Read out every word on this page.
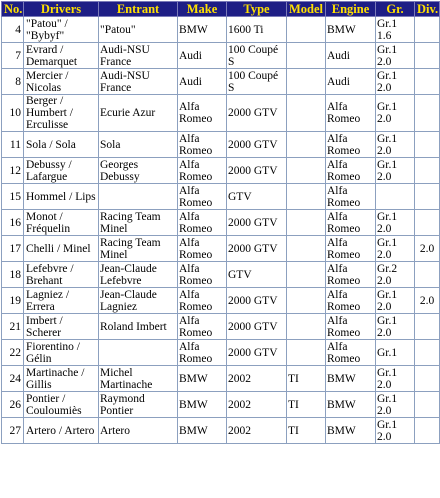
No.	Drivers	Entrant	Make	Type	Model	Engine	Gr.	Div.
4	"Patou" / "Bybyf"	"Patou"	BMW	1600 Ti		BMW	Gr.1 1.6	
7	Evrard / Demarquet	Audi-NSU France	Audi	100 Coupé S		Audi	Gr.1 2.0	
8	Mercier / Nicolas	Audi-NSU France	Audi	100 Coupé S		Audi	Gr.1 2.0	
10	Berger / Humbert / Erculisse	Ecurie Azur	Alfa Romeo	2000 GTV		Alfa Romeo	Gr.1 2.0	
11	Sola / Sola	Sola	Alfa Romeo	2000 GTV		Alfa Romeo	Gr.1 2.0	
12	Debussy / Lafargue	Georges Debussy	Alfa Romeo	2000 GTV		Alfa Romeo	Gr.1 2.0	
15	Hommel / Lips		Alfa Romeo	GTV		Alfa Romeo		
16	Monot / Fréquelin	Racing Team Minel	Alfa Romeo	2000 GTV		Alfa Romeo	Gr.1 2.0	
17	Chelli / Minel	Racing Team Minel	Alfa Romeo	2000 GTV		Alfa Romeo	Gr.1 2.0	2.0
18	Lefebvre / Brehant	Jean-Claude Lefebvre	Alfa Romeo	GTV		Alfa Romeo	Gr.2 2.0	
19	Lagniez / Errera	Jean-Claude Lagniez	Alfa Romeo	2000 GTV		Alfa Romeo	Gr.1 2.0	2.0
21	Imbert / Scherer	Roland Imbert	Alfa Romeo	2000 GTV		Alfa Romeo	Gr.1 2.0	
22	Fiorentino / Gélin		Alfa Romeo	2000 GTV		Alfa Romeo	Gr.1	
24	Martinache / Gillis	Michel Martinache	BMW	2002	TI	BMW	Gr.1 2.0	
26	Pontier / Couloumiès	Raymond Pontier	BMW	2002	TI	BMW	Gr.1 2.0	
27	Artero / Artero	Artero	BMW	2002	TI	BMW	Gr.1 2.0	
